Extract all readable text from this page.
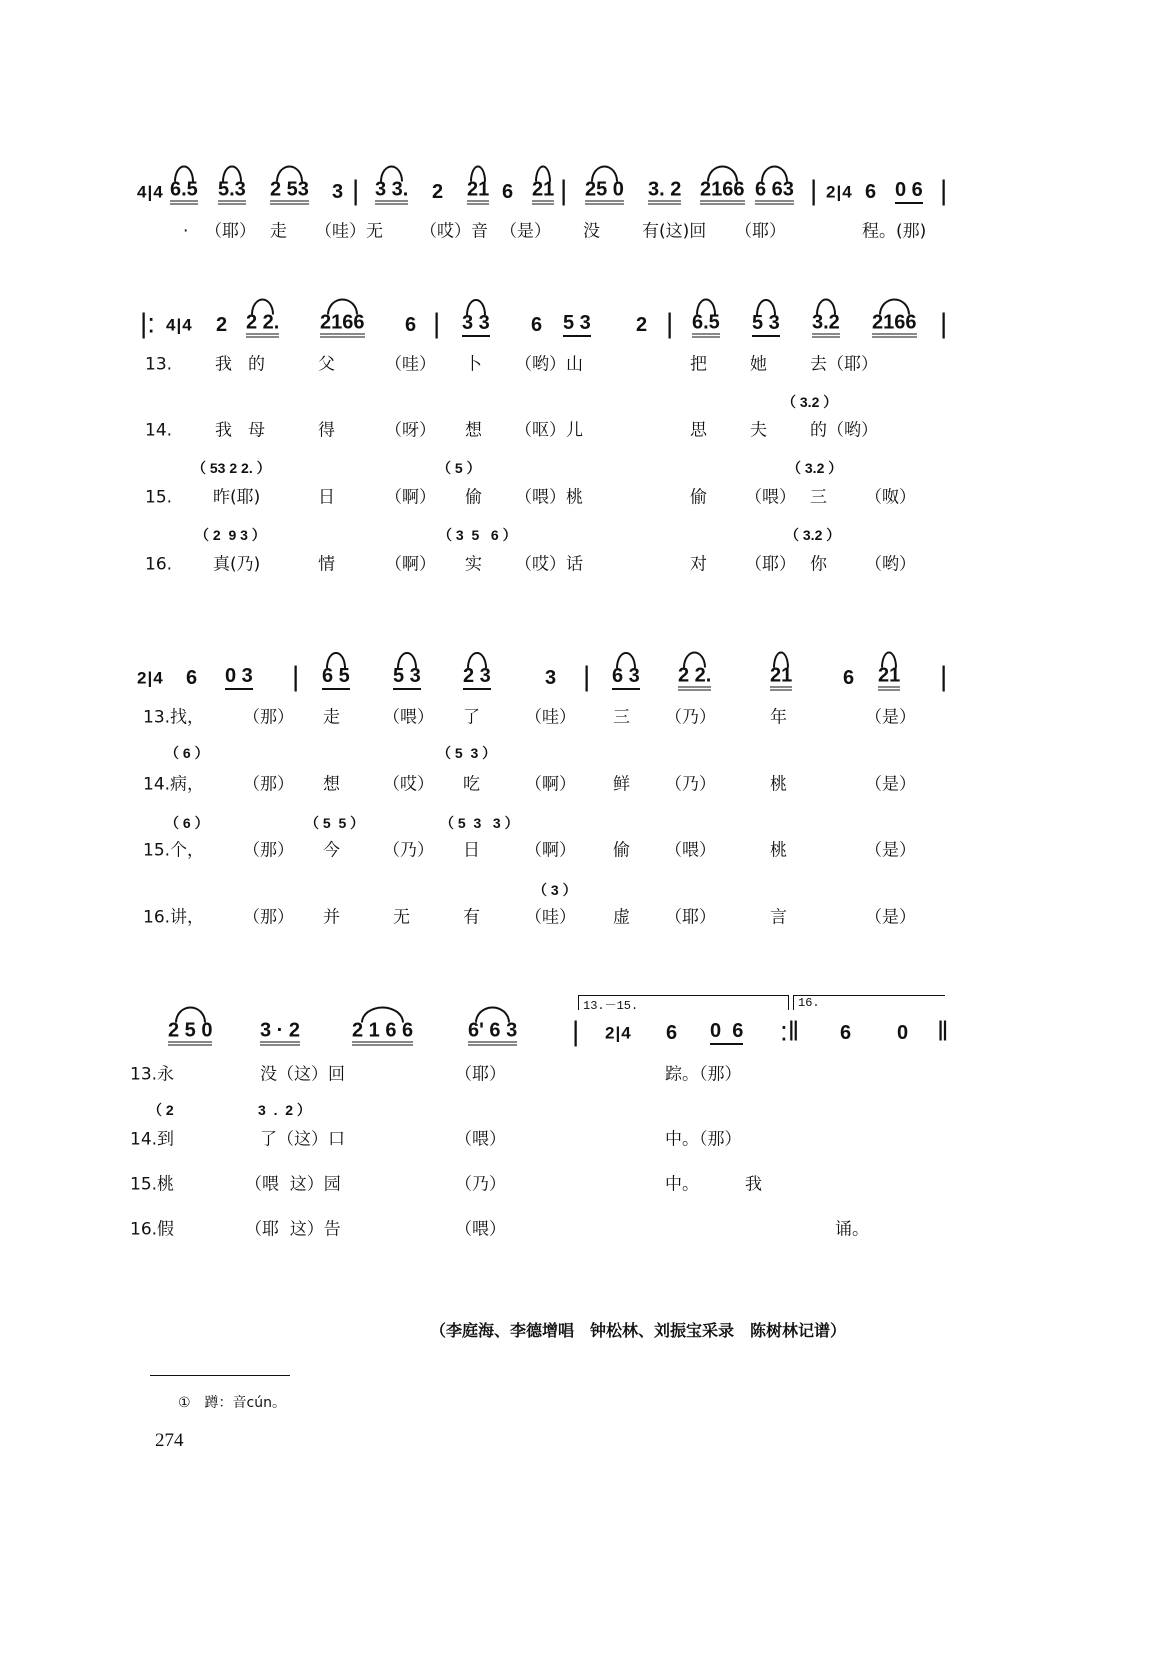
4|4 6.5 5.3 2 53 3 | 3 3. 2 21 6 21 | 25 0 3. 2 2166 6 63 | 2|4 6 0 6 |
· （耶） 走 （哇）无 （哎）音 （是） 没 有(这)回 （耶）	程。(那)
|: 4|4 2 2 2. 2166 6 | 3 3 6 5 3 2 | 6.5 5 3 3.2 2166 |
13.	我 的	父	（哇） 卜 （哟）山	把	她	去（耶）
（ 3.2 ）
14.	我 母	得	（呀） 想 （呕）儿	思	夫	的（哟）
（ 53 2 2. ）	（ 5 ）	（ 3.2 ）
15. 昨(耶)	日	（啊） 偷 （喂）桃	偷 （喂） 三 （呶）
（ 2  9 3 ）	（ 3  5   6 ）	（ 3.2 ）
16. 真(乃)	情	（啊） 实 （哎）话	对 （耶） 你 （哟）
2|4 6 0 3 | 6 5 5 3 2 3	3 | 6 3 2 2.	21	6 21 |
13.找， （那） 走	（喂） 了	（哇） 三 （乃）	年	（是）
（ 6 ）	（ 5  3 ）
14.病， （那） 想	（哎） 吃	（啊） 鲜 （乃）	桃	（是）
（ 6 ）	（ 5  5 ）	（ 5  3   3 ）
15.个， （那） 今	（乃） 日	（啊） 偷 （喂）	桃	（是）
（ 3 ）
16.讲， （那） 并	无	有	（哇） 虚 （耶）	言	（是）
2 5 0 3 · 2	2 1 6 6	6' 6 3 | 2|4 6 0  6 :‖ 6 0 ‖
13.－15.	16.
13.永	没（这）回	（耶）	踪。（那）
（ 2	3  .  2 ）
14.到	了（这）口	（喂）	中。（那）
15.桃	（喂  这）园	（乃）	中。	我
16.假	（耶  这）告	（喂）	诵。
（李庭海、李德增唱　钟松林、刘振宝采录　陈树林记谱）
①　蹲：音cún。
274
